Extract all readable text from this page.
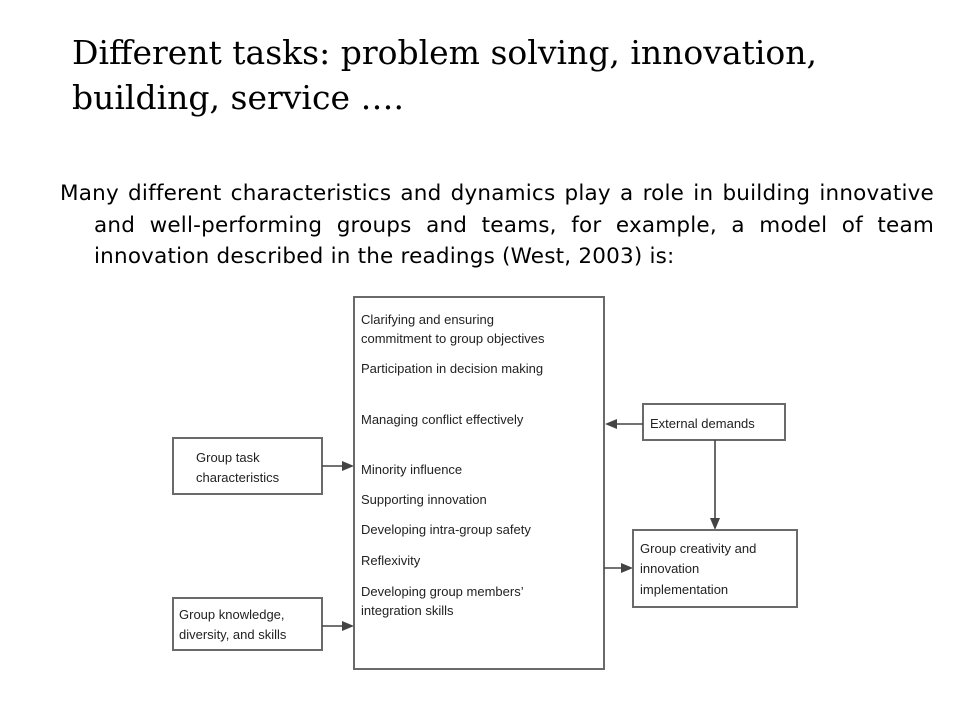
Different tasks: problem solving, innovation,
building, service ….

Many different characteristics and dynamics play a role in building innovative and well-performing groups and teams, for example, a model of team innovation described in the readings (West, 2003) is:

Clarifying and ensuring commitment to group objectives
Participation in decision making
Managing conflict effectively
Minority influence
Supporting innovation
Developing intra-group safety
Reflexivity
Developing group members’ integration skills
Group task characteristics
Group knowledge, diversity, and skills
External demands
Group creativity and innovation implementation
